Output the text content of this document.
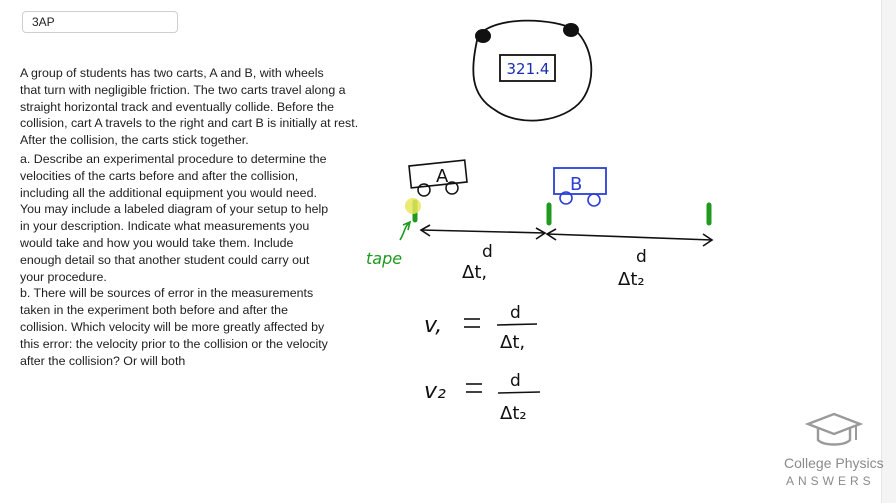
3AP

A group of students has two carts, A and B, with wheels

that turn with negligible friction. The two carts travel along a

straight horizontal track and eventually collide. Before the

collision, cart A travels to the right and cart B is initially at rest.

After the collision, the carts stick together.

a. Describe an experimental procedure to determine the

velocities of the carts before and after the collision,

including all the additional equipment you would need.

You may include a labeled diagram of your setup to help

in your description. Indicate what measurements you

would take and how you would take them. Include

enough detail so that another student could carry out

your procedure.

b. There will be sources of error in the measurements

taken in the experiment both before and after the

collision. Which velocity will be more greatly affected by

this error: the velocity prior to the collision or the velocity

after the collision? Or will both

321.4
A	B
tape	d
Δt,
d
Δt₂
v,	d
Δt,
v₂	d
Δt₂
College Physics
ANSWERS
